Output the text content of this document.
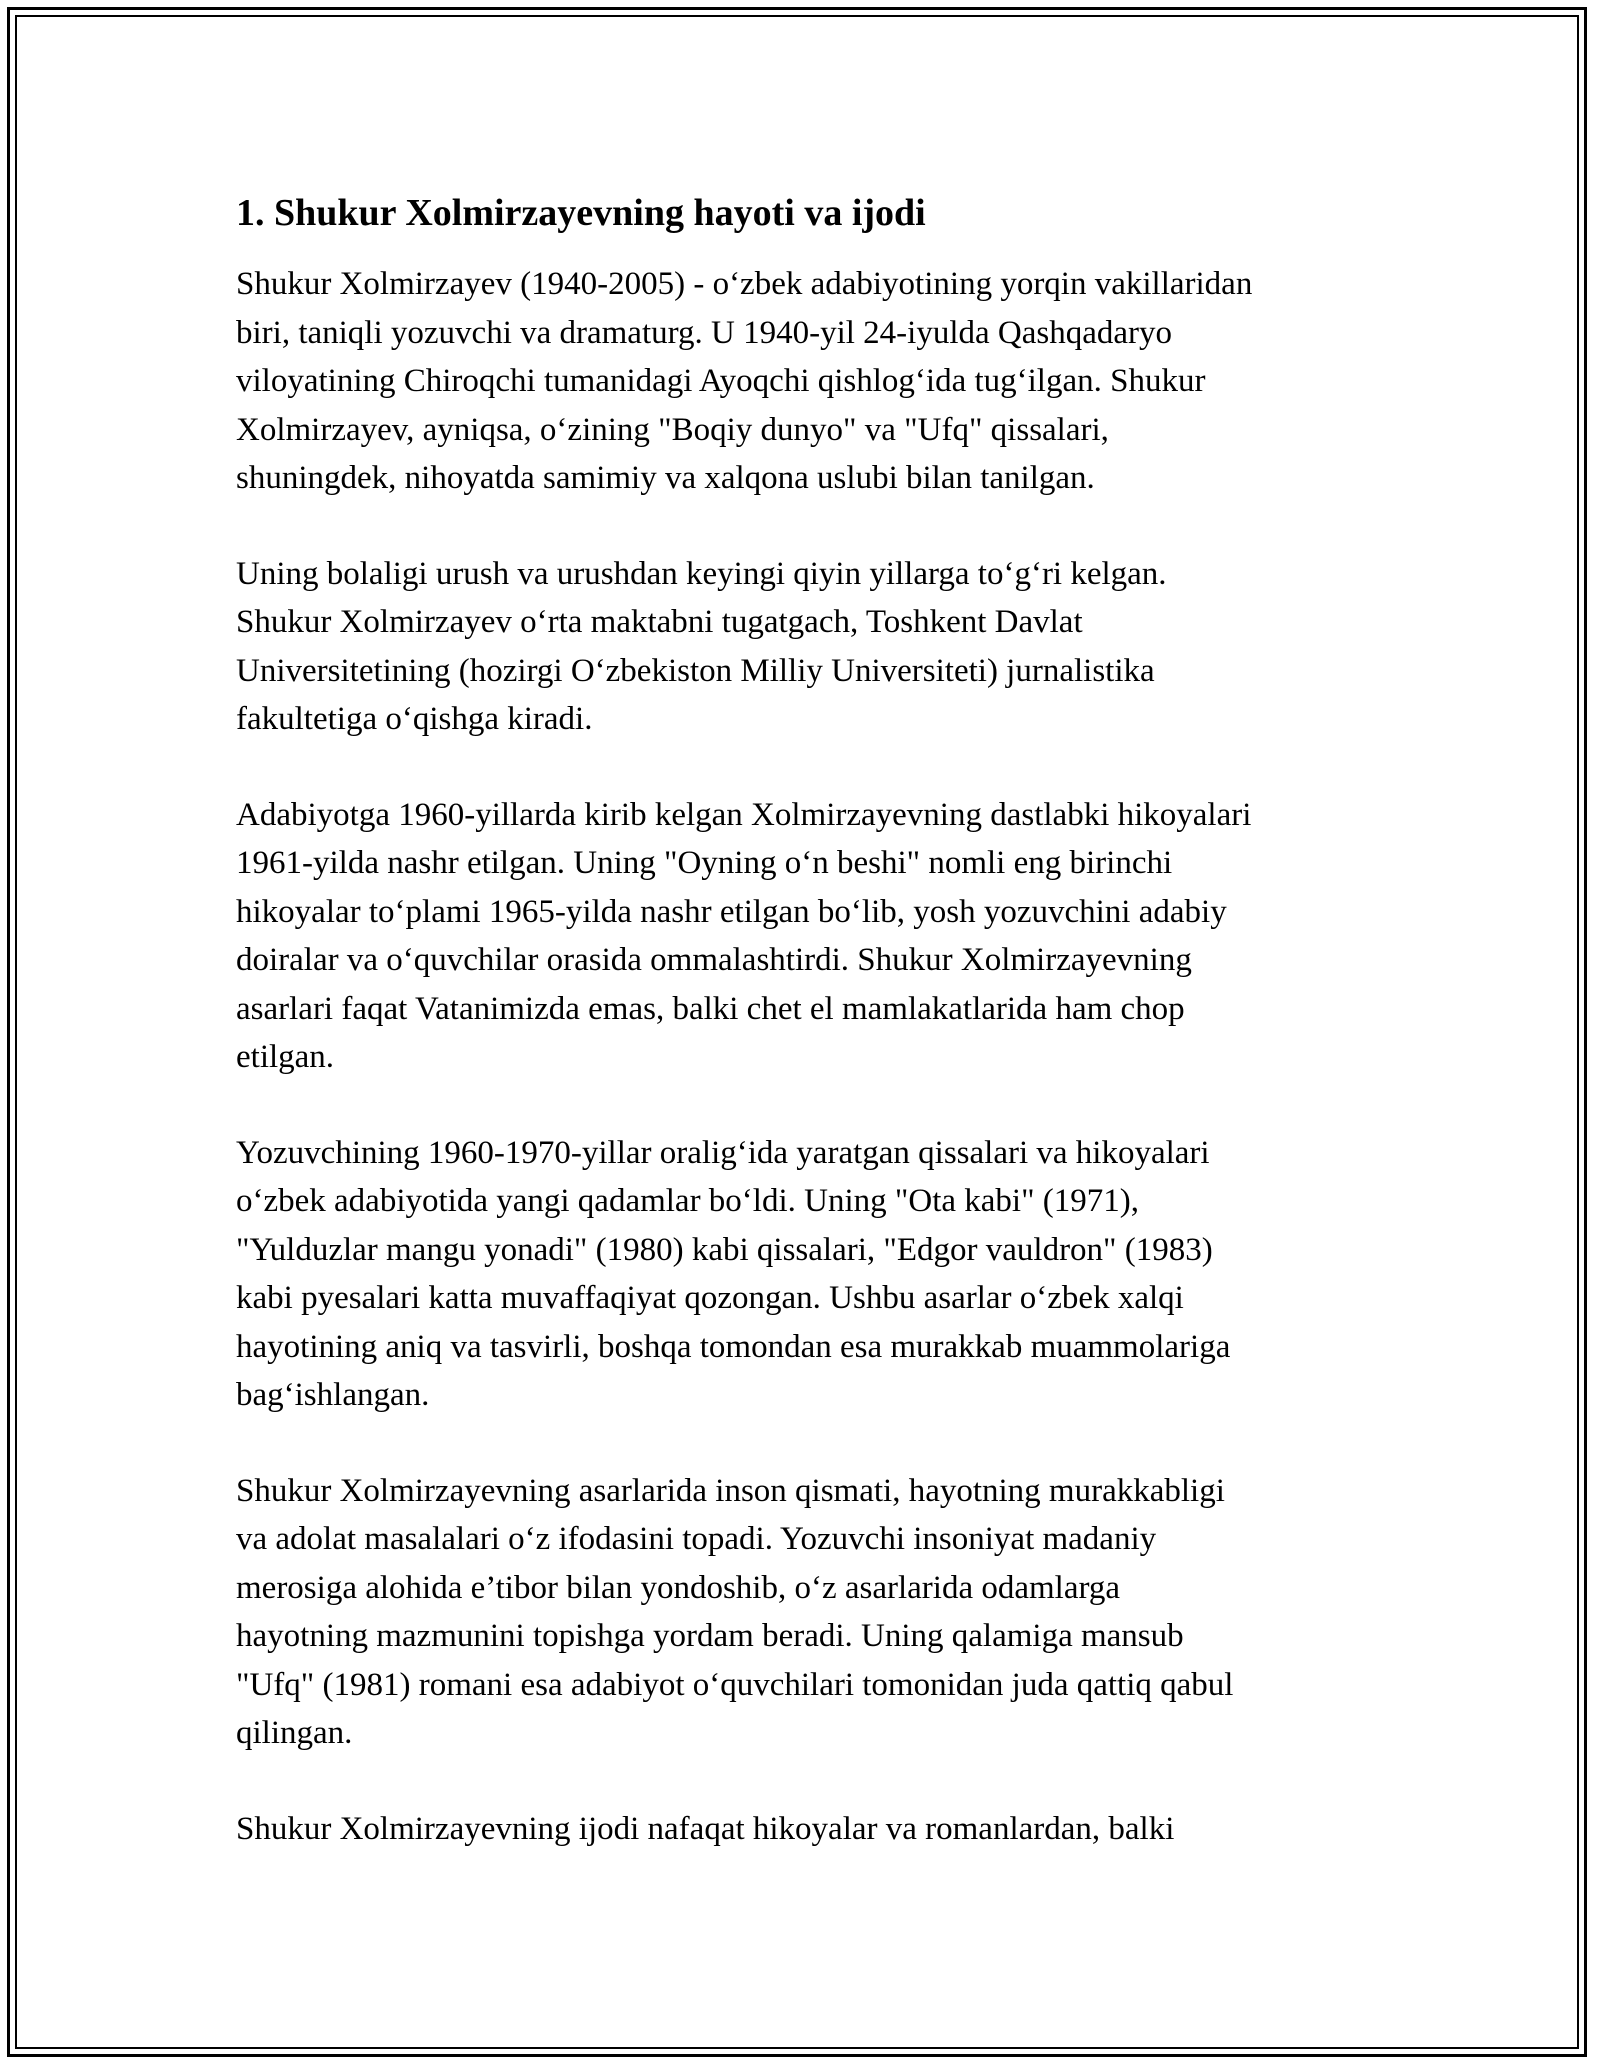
1. Shukur Xolmirzayevning hayoti va ijodi

Shukur Xolmirzayev (1940-2005) - o‘zbek adabiyotining yorqin vakillaridan
biri, taniqli yozuvchi va dramaturg. U 1940-yil 24-iyulda Qashqadaryo
viloyatining Chiroqchi tumanidagi Ayoqchi qishlog‘ida tug‘ilgan. Shukur
Xolmirzayev, ayniqsa, o‘zining "Boqiy dunyo" va "Ufq" qissalari,
shuningdek, nihoyatda samimiy va xalqona uslubi bilan tanilgan.

Uning bolaligi urush va urushdan keyingi qiyin yillarga to‘g‘ri kelgan.
Shukur Xolmirzayev o‘rta maktabni tugatgach, Toshkent Davlat
Universitetining (hozirgi O‘zbekiston Milliy Universiteti) jurnalistika
fakultetiga o‘qishga kiradi.

Adabiyotga 1960-yillarda kirib kelgan Xolmirzayevning dastlabki hikoyalari
1961-yilda nashr etilgan. Uning "Oyning o‘n beshi" nomli eng birinchi
hikoyalar to‘plami 1965-yilda nashr etilgan bo‘lib, yosh yozuvchini adabiy
doiralar va o‘quvchilar orasida ommalashtirdi. Shukur Xolmirzayevning
asarlari faqat Vatanimizda emas, balki chet el mamlakatlarida ham chop
etilgan.

Yozuvchining 1960-1970-yillar oralig‘ida yaratgan qissalari va hikoyalari
o‘zbek adabiyotida yangi qadamlar bo‘ldi. Uning "Ota kabi" (1971),
"Yulduzlar mangu yonadi" (1980) kabi qissalari, "Edgor vauldron" (1983)
kabi pyesalari katta muvaffaqiyat qozongan. Ushbu asarlar o‘zbek xalqi
hayotining aniq va tasvirli, boshqa tomondan esa murakkab muammolariga
bag‘ishlangan.

Shukur Xolmirzayevning asarlarida inson qismati, hayotning murakkabligi
va adolat masalalari o‘z ifodasini topadi. Yozuvchi insoniyat madaniy
merosiga alohida e’tibor bilan yondoshib, o‘z asarlarida odamlarga
hayotning mazmunini topishga yordam beradi. Uning qalamiga mansub
"Ufq" (1981) romani esa adabiyot o‘quvchilari tomonidan juda qattiq qabul
qilingan.

Shukur Xolmirzayevning ijodi nafaqat hikoyalar va romanlardan, balki
